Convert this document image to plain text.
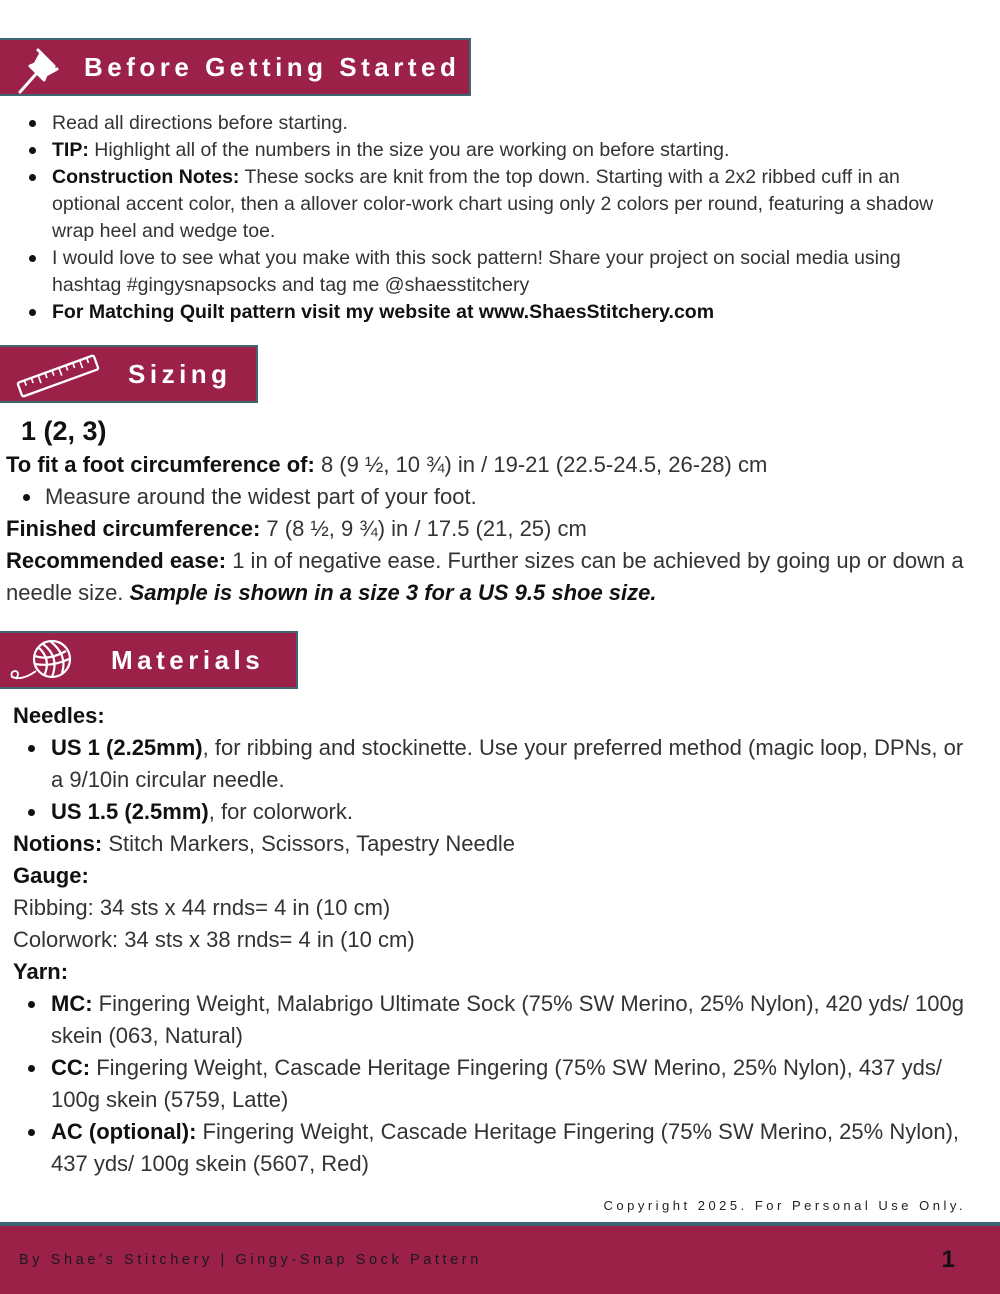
Before Getting Started
Read all directions before starting.
TIP: Highlight all of the numbers in the size you are working on before starting.
Construction Notes: These socks are knit from the top down. Starting with a 2x2 ribbed cuff in an optional accent color, then a allover color-work chart using only 2 colors per round, featuring a shadow wrap heel and wedge toe.
I would love to see what you make with this sock pattern! Share your project on social media using hashtag #gingysnapsocks and tag me @shaesstitchery
For Matching Quilt pattern visit my website at www.ShaesStitchery.com
Sizing
1 (2, 3)
To fit a foot circumference of: 8 (9 ½, 10 ¾) in / 19-21 (22.5-24.5, 26-28) cm
Measure around the widest part of your foot.
Finished circumference: 7 (8 ½, 9 ¾) in / 17.5 (21, 25) cm
Recommended ease: 1 in of negative ease. Further sizes can be achieved by going up or down a needle size. Sample is shown in a size 3 for a US 9.5 shoe size.
Materials
Needles:
US 1 (2.25mm), for ribbing and stockinette. Use your preferred method (magic loop, DPNs, or a 9/10in circular needle.
US 1.5 (2.5mm), for colorwork.
Notions: Stitch Markers, Scissors, Tapestry Needle
Gauge:
Ribbing: 34 sts x 44 rnds= 4 in (10 cm)
Colorwork: 34 sts x 38 rnds= 4 in (10 cm)
Yarn:
MC: Fingering Weight, Malabrigo Ultimate Sock (75% SW Merino, 25% Nylon), 420 yds/ 100g skein (063, Natural)
CC: Fingering Weight, Cascade Heritage Fingering (75% SW Merino, 25% Nylon), 437 yds/ 100g skein (5759, Latte)
AC (optional): Fingering Weight, Cascade Heritage Fingering (75% SW Merino, 25% Nylon), 437 yds/ 100g skein (5607, Red)
Copyright 2025. For Personal Use Only.
By Shae’s Stitchery | Gingy-Snap Sock Pattern	1
